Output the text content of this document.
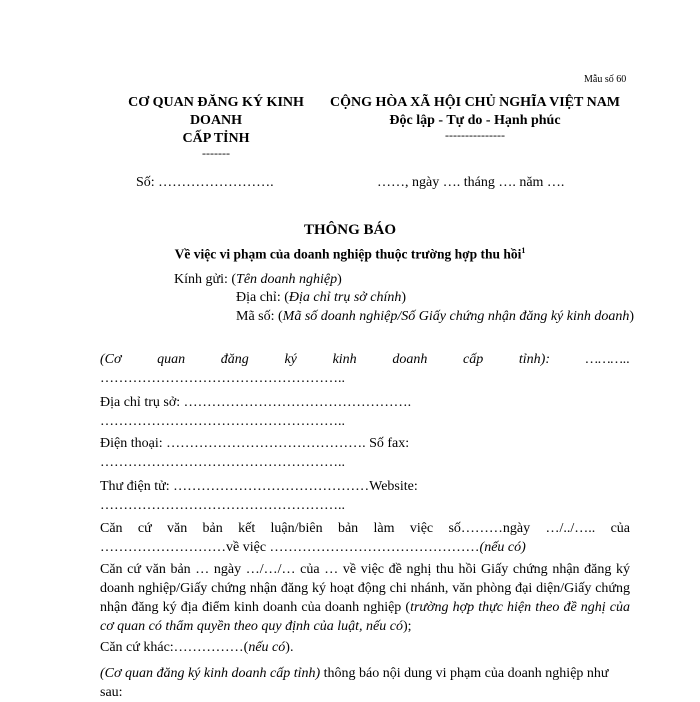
Mẫu số 60
CƠ QUAN ĐĂNG KÝ KINH DOANH
CẤP TỈNH
-------
CỘNG HÒA XÃ HỘI CHỦ NGHĨA VIỆT NAM
Độc lập - Tự do - Hạnh phúc
---------------
Số: …………………….	……, ngày …. tháng …. năm ….
THÔNG BÁO
Về việc vi phạm của doanh nghiệp thuộc trường hợp thu hồi$^1$
Kính gửi: (Tên doanh nghiệp)
Địa chỉ: (Địa chỉ trụ sở chính)
Mã số: (Mã số doanh nghiệp/Số Giấy chứng nhận đăng ký kinh doanh)
(Cơ quan đăng ký kinh doanh cấp tỉnh): ………..
……………………………………………..
Địa chỉ trụ sở: ………………………………………….
……………………………………………..
Điện thoại: ……………………………………. Số fax:
……………………………………………..
Thư điện tử: ……………………………………Website:
……………………………………………..
Căn cứ văn bản kết luận/biên bản làm việc số………ngày …/../….. của
………………………về việc ………………………………………(nếu có)
Căn cứ văn bản … ngày …/…/… của … về việc đề nghị thu hồi Giấy chứng nhận đăng ký doanh nghiệp/Giấy chứng nhận đăng ký hoạt động chi nhánh, văn phòng đại diện/Giấy chứng nhận đăng ký địa điểm kinh doanh của doanh nghiệp (trường hợp thực hiện theo đề nghị của cơ quan có thẩm quyền theo quy định của luật, nếu có);
Căn cứ khác:……………(nếu có).
(Cơ quan đăng ký kinh doanh cấp tỉnh) thông báo nội dung vi phạm của doanh nghiệp như sau:
